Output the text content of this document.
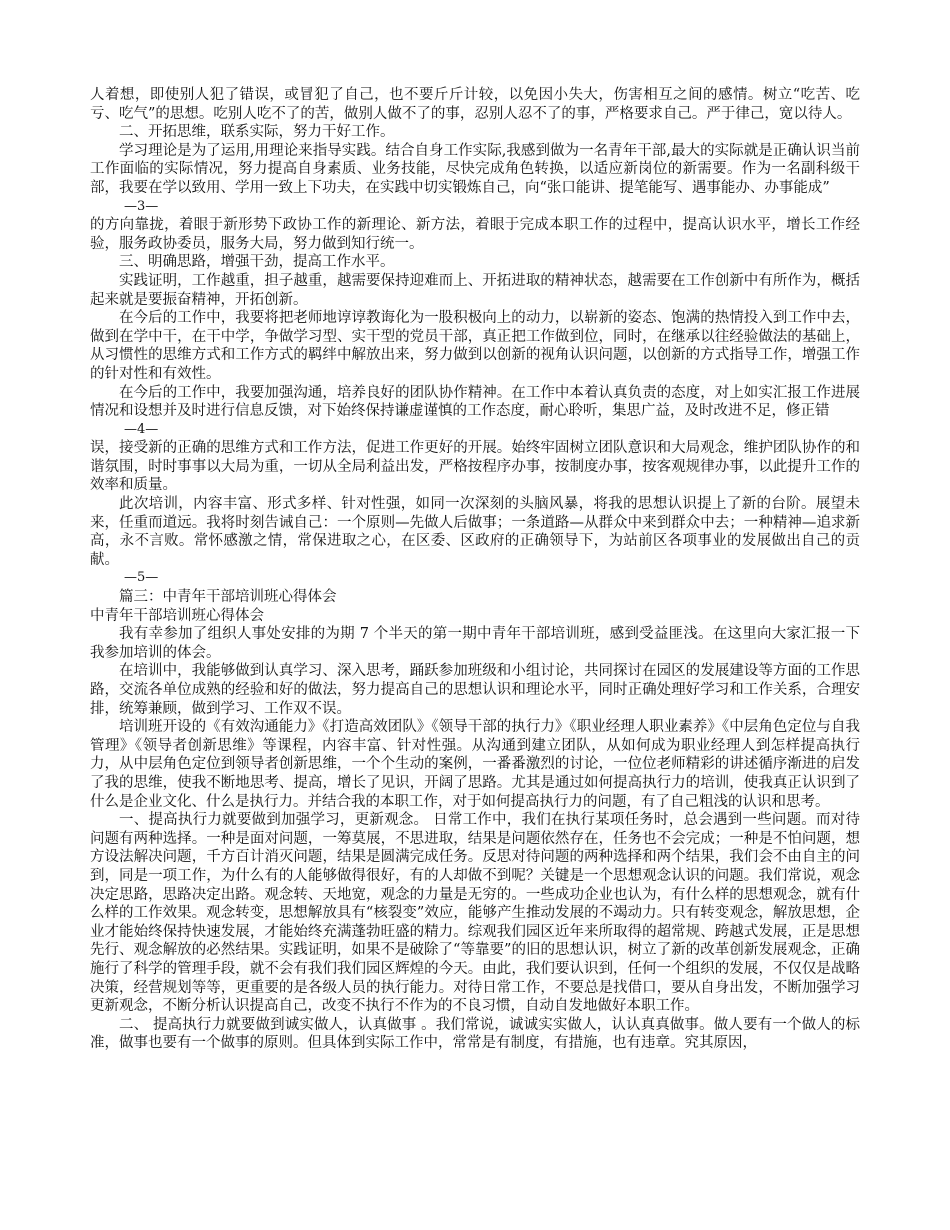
人着想，即使别人犯了错误，或冒犯了自己，也不要斤斤计较，以免因小失大，伤害相互之间的感情。树立“吃苦、吃亏、吃气”的思想。吃别人吃不了的苦，做别人做不了的事，忍别人忍不了的事，严格要求自己。严于律己，宽以待人。

二、开拓思维，联系实际，努力干好工作。

学习理论是为了运用,用理论来指导实践。结合自身工作实际,我感到做为一名青年干部,最大的实际就是正确认识当前工作面临的实际情况，努力提高自身素质、业务技能，尽快完成角色转换，以适应新岗位的新需要。作为一名副科级干部，我要在学以致用、学用一致上下功夫，在实践中切实锻炼自己，向“张口能讲、提笔能写、遇事能办、办事能成”

—3—

的方向靠拢，着眼于新形势下政协工作的新理论、新方法，着眼于完成本职工作的过程中，提高认识水平，增长工作经验，服务政协委员，服务大局，努力做到知行统一。

三、明确思路，增强干劲，提高工作水平。

实践证明，工作越重，担子越重，越需要保持迎难而上、开拓进取的精神状态，越需要在工作创新中有所作为，概括起来就是要振奋精神，开拓创新。

在今后的工作中，我要将把老师地谆谆教诲化为一股积极向上的动力，以崭新的姿态、饱满的热情投入到工作中去，做到在学中干，在干中学，争做学习型、实干型的党员干部，真正把工作做到位，同时，在继承以往经验做法的基础上，从习惯性的思维方式和工作方式的羁绊中解放出来，努力做到以创新的视角认识问题，以创新的方式指导工作，增强工作的针对性和有效性。

在今后的工作中，我要加强沟通，培养良好的团队协作精神。在工作中本着认真负责的态度，对上如实汇报工作进展情况和设想并及时进行信息反馈，对下始终保持谦虚谨慎的工作态度，耐心聆听，集思广益，及时改进不足，修正错

—4—

误，接受新的正确的思维方式和工作方法，促进工作更好的开展。始终牢固树立团队意识和大局观念，维护团队协作的和谐氛围，时时事事以大局为重，一切从全局利益出发，严格按程序办事，按制度办事，按客观规律办事，以此提升工作的效率和质量。

此次培训，内容丰富、形式多样、针对性强，如同一次深刻的头脑风暴，将我的思想认识提上了新的台阶。展望未来，任重而道远。我将时刻告诫自己：一个原则—先做人后做事；一条道路—从群众中来到群众中去；一种精神—追求新高，永不言败。常怀感激之情，常保进取之心，在区委、区政府的正确领导下，为站前区各项事业的发展做出自己的贡献。

—5—

篇三：中青年干部培训班心得体会

中青年干部培训班心得体会

我有幸参加了组织人事处安排的为期 7 个半天的第一期中青年干部培训班，感到受益匪浅。在这里向大家汇报一下我参加培训的体会。

在培训中，我能够做到认真学习、深入思考，踊跃参加班级和小组讨论，共同探讨在园区的发展建设等方面的工作思路，交流各单位成熟的经验和好的做法，努力提高自己的思想认识和理论水平，同时正确处理好学习和工作关系，合理安排，统筹兼顾，做到学习、工作双不误。

培训班开设的《有效沟通能力》《打造高效团队》《领导干部的执行力》《职业经理人职业素养》《中层角色定位与自我管理》《领导者创新思维》等课程，内容丰富、针对性强。从沟通到建立团队，从如何成为职业经理人到怎样提高执行力，从中层角色定位到领导者创新思维，一个个生动的案例，一番番激烈的讨论，一位位老师精彩的讲述循序渐进的启发了我的思维，使我不断地思考、提高，增长了见识，开阔了思路。尤其是通过如何提高执行力的培训，使我真正认识到了什么是企业文化、什么是执行力。并结合我的本职工作，对于如何提高执行力的问题，有了自己粗浅的认识和思考。

一、提高执行力就要做到加强学习，更新观念。 日常工作中，我们在执行某项任务时，总会遇到一些问题。而对待问题有两种选择。一种是面对问题，一筹莫展，不思进取，结果是问题依然存在，任务也不会完成；一种是不怕问题，想方设法解决问题，千方百计消灭问题，结果是圆满完成任务。反思对待问题的两种选择和两个结果，我们会不由自主的问到，同是一项工作，为什么有的人能够做得很好，有的人却做不到呢？关键是一个思想观念认识的问题。我们常说，观念决定思路，思路决定出路。观念转、天地宽，观念的力量是无穷的。一些成功企业也认为，有什么样的思想观念，就有什么样的工作效果。观念转变，思想解放具有“核裂变”效应，能够产生推动发展的不竭动力。只有转变观念，解放思想，企业才能始终保持快速发展，才能始终充满蓬勃旺盛的精力。综观我们园区近年来所取得的超常规、跨越式发展，正是思想先行、观念解放的必然结果。实践证明，如果不是破除了“等靠要”的旧的思想认识，树立了新的改革创新发展观念，正确施行了科学的管理手段，就不会有我们我们园区辉煌的今天。由此，我们要认识到，任何一个组织的发展，不仅仅是战略决策，经营规划等等，更重要的是各级人员的执行能力。对待日常工作，不要总是找借口，要从自身出发，不断加强学习更新观念，不断分析认识提高自己，改变不执行不作为的不良习惯，自动自发地做好本职工作。

二、 提高执行力就要做到诚实做人，认真做事 。我们常说，诚诚实实做人，认认真真做事。做人要有一个做人的标准，做事也要有一个做事的原则。但具体到实际工作中，常常是有制度，有措施，也有违章。究其原因，
